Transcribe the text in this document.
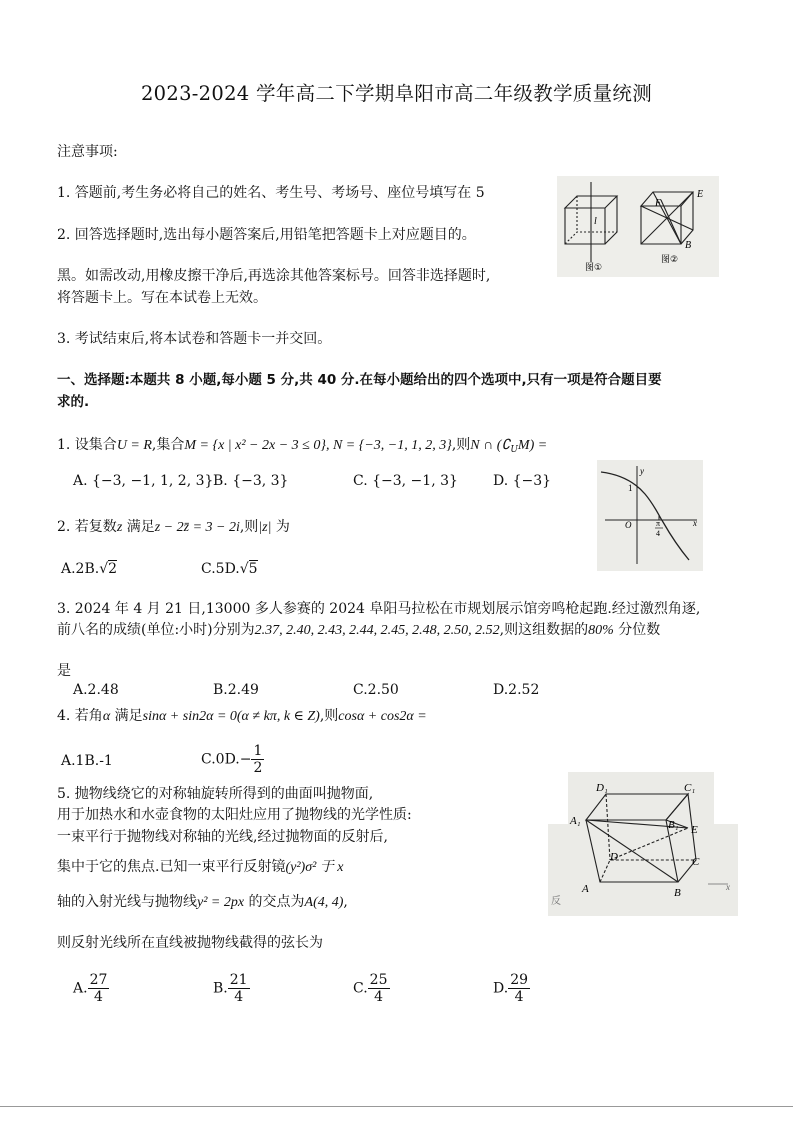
2023-2024 学年高二下学期阜阳市高二年级教学质量统测
注意事项:
1. 答题前,考生务必将自己的姓名、考生号、考场号、座位号填写在 5
2. 回答选择题时,选出每小题答案后,用铅笔把答题卡上对应题目的。
黑。如需改动,用橡皮擦干净后,再选涂其他答案标号。回答非选择题时,
将答题卡上。写在本试卷上无效。
3. 考试结束后,将本试卷和答题卡一并交回。
l
F
E
B
图①
图②
一、选择题:本题共 8 小题,每小题 5 分,共 40 分.在每小题给出的四个选项中,只有一项是符合题目要
求的.
1. 设集合U = R,集合M = {x | x² − 2x − 3 ≤ 0}, N = {−3, −1, 1, 2, 3},则N ∩ $(∁_UM)$ =
A. {−3, −1, 1, 2, 3} B. {−3, 3}	C. {−3, −1, 3}	D. {−3}
y
1
O	π
4
x
2. 若复数z 满足z − 2z̄ = 3 − 2i,则|z| 为
A.2B.√2	C.5D.√5
3. 2024 年 4 月 21 日,13000 多人参赛的 2024 阜阳马拉松在市规划展示馆旁鸣枪起跑.经过激烈角逐,
前八名的成绩(单位:小时)分别为2.37, 2.40, 2.43, 2.44, 2.45, 2.48, 2.50, 2.52,则这组数据的80% 分位数
是
A.2.48	B.2.49	C.2.50	D.2.52
4. 若角α 满足sinα + sin2α = 0(α ≠ kπ, k ∈ Z),则cosα + cos2α =
A.1B.-1	$C.0D.- \frac{1}{2}$
D₁	C₁
A₁	B₁ E
D	C
A	B	x
反
5. 抛物线绕它的对称轴旋转所得到的曲面叫抛物面,
用于加热水和水壶食物的太阳灶应用了抛物线的光学性质:
一束平行于抛物线对称轴的光线,经过抛物面的反射后,
集中于它的焦点.已知一束平行反射镜(y²)σ² 于 x
轴的入射光线与抛物线y² = 2px 的交点为A(4, 4),
则反射光线所在直线被抛物线截得的弦长为
A. $\frac{27}{4}$	B. $\frac{21}{4}$	C. $\frac{25}{4}$	D. $\frac{29}{4}$
